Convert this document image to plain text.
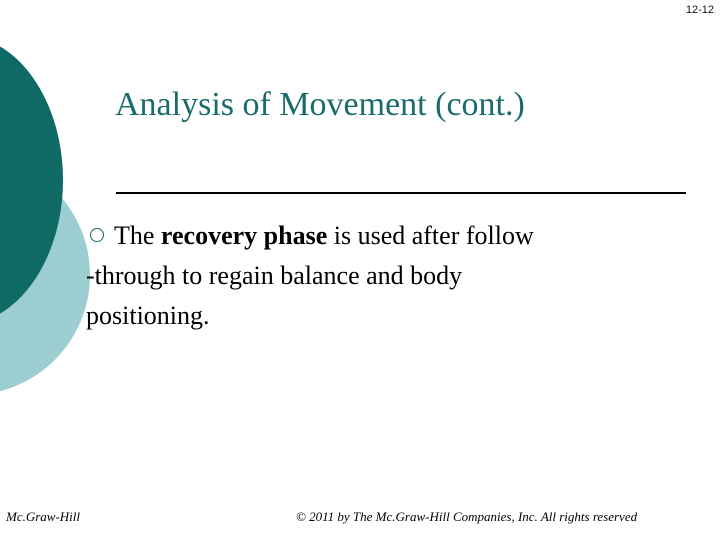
12-12
Analysis of Movement (cont.)
The recovery phase is used after follow
-through to regain balance and body
positioning.
Mc.Graw-Hill	© 2011 by The Mc.Graw-Hill Companies, Inc. All rights reserved
